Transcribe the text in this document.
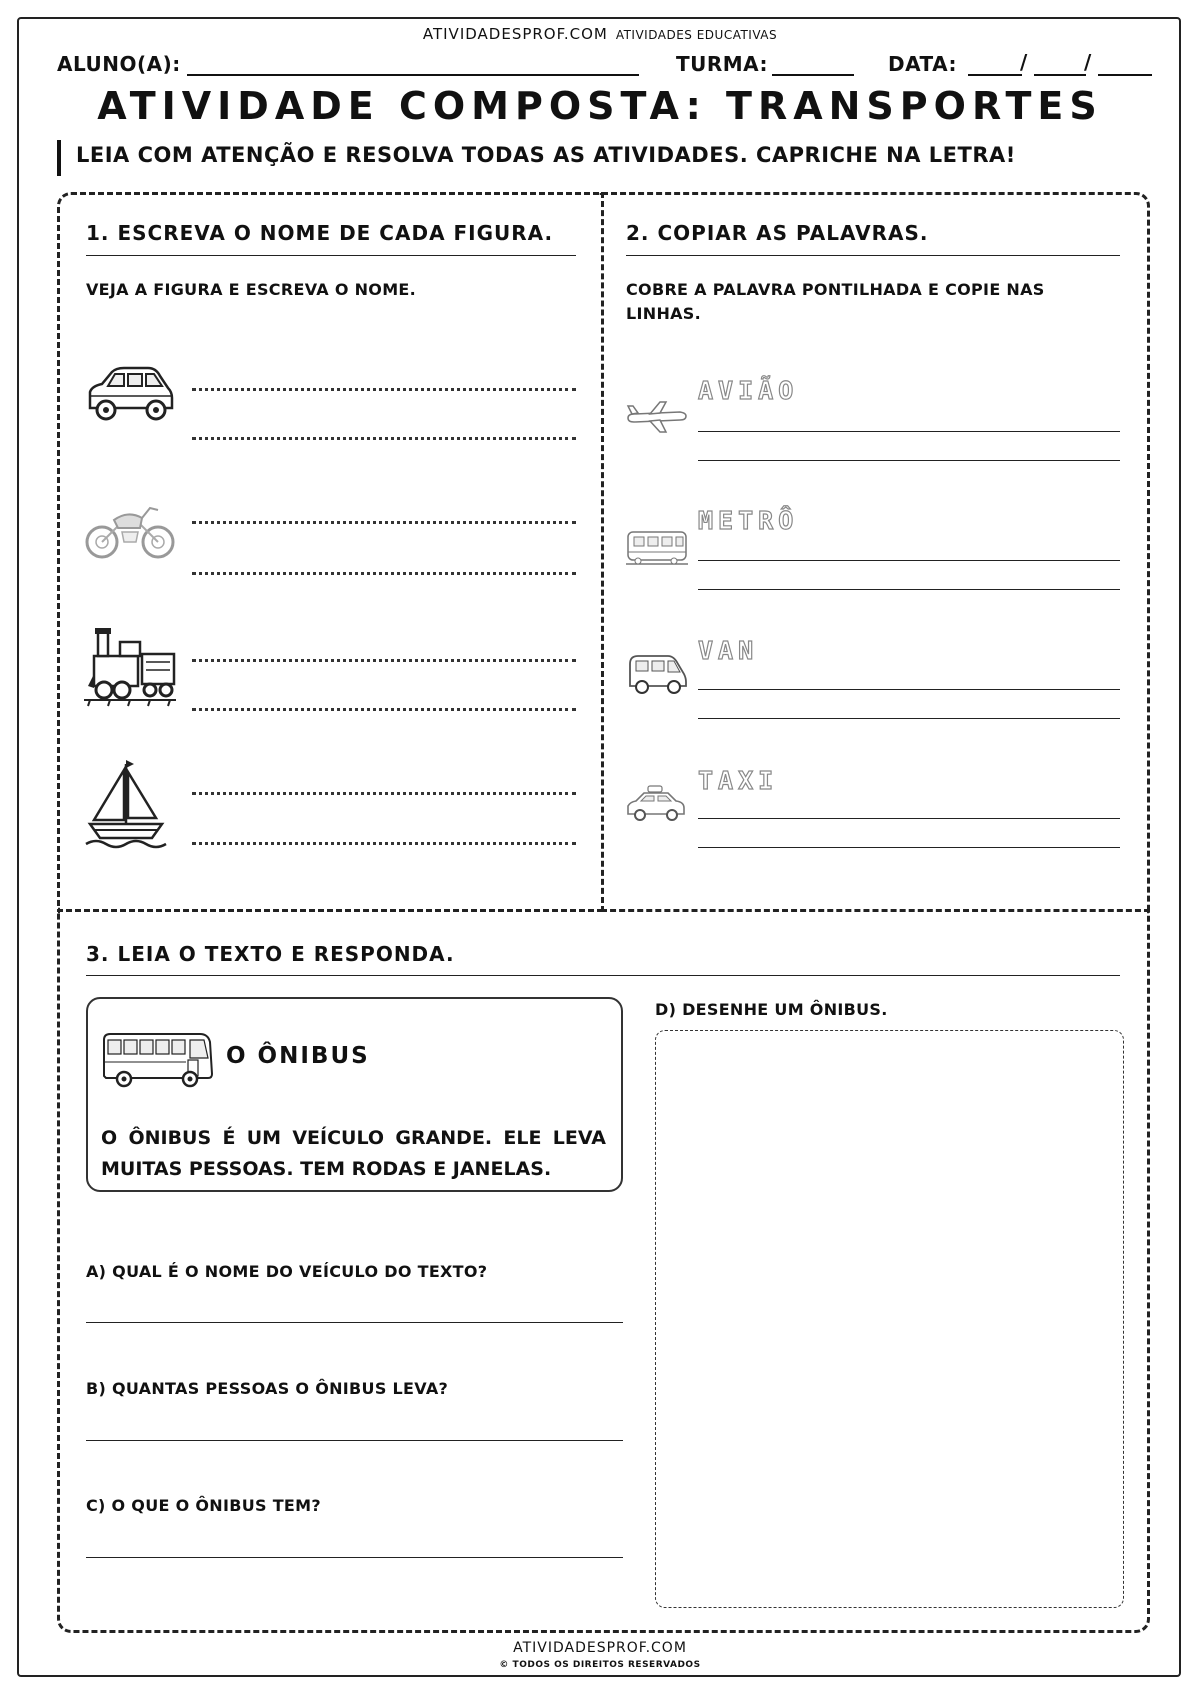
ATIVIDADESPROF.COM ATIVIDADES EDUCATIVAS
ALUNO(A):	TURMA:	DATA:	/	/
ATIVIDADE COMPOSTA: TRANSPORTES
LEIA COM ATENÇÃO E RESOLVA TODAS AS ATIVIDADES. CAPRICHE NA LETRA!
1. ESCREVA O NOME DE CADA FIGURA.
VEJA A FIGURA E ESCREVA O NOME.
2. COPIAR AS PALAVRAS.
COBRE A PALAVRA PONTILHADA E COPIE NAS
LINHAS.
AVIÃO
METRÔ
VAN
TAXI
3. LEIA O TEXTO E RESPONDA.
O ÔNIBUS
O ÔNIBUS É UM VEÍCULO GRANDE. ELE LEVA
MUITAS PESSOAS. TEM RODAS E JANELAS.
A) QUAL É O NOME DO VEÍCULO DO TEXTO?
B) QUANTAS PESSOAS O ÔNIBUS LEVA?
C) O QUE O ÔNIBUS TEM?
D) DESENHE UM ÔNIBUS.
ATIVIDADESPROF.COM
© TODOS OS DIREITOS RESERVADOS
